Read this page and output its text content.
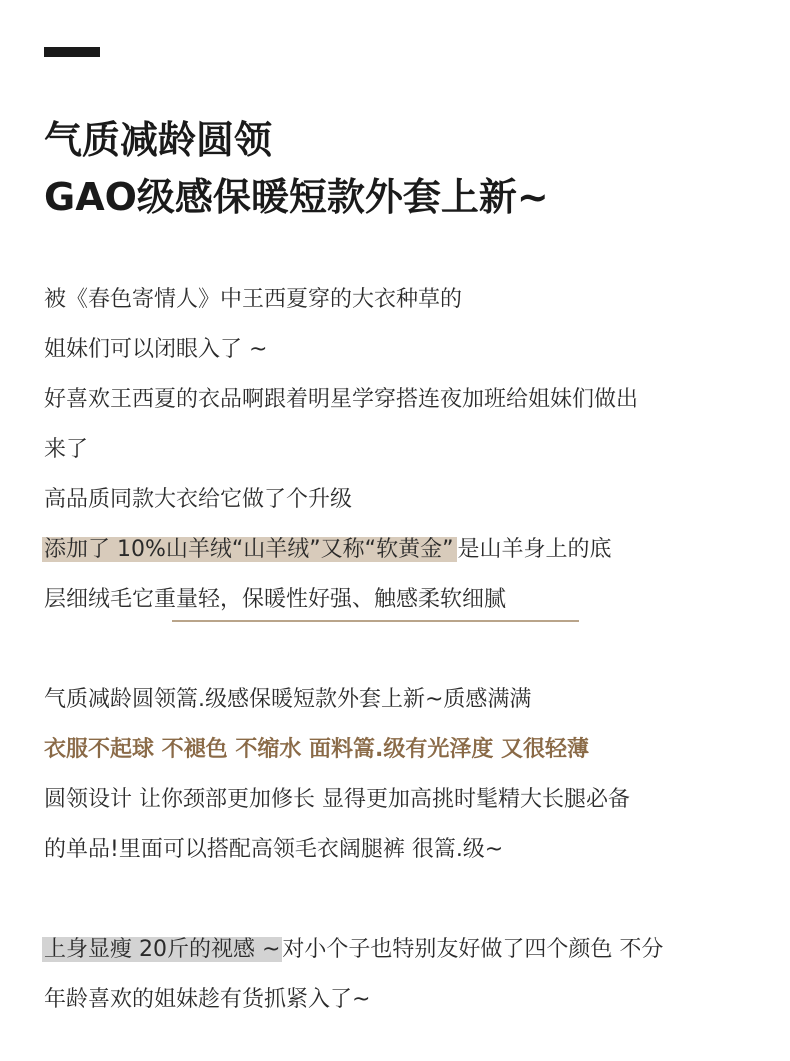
气质减龄圆领
GAO级感保暖短款外套上新~
被《春色寄情人》中王西夏穿的大衣种草的
姐妹们可以闭眼入了 ~
好喜欢王西夏的衣品啊跟着明星学穿搭连夜加班给姐妹们做出
来了
高品质同款大衣给它做了个升级
添加了 10%山羊绒“山羊绒”又称“软黄金” 是山羊身上的底
层细绒毛它重量轻，保暖性好强、触感柔软细腻
气质减龄圆领篙.级感保暖短款外套上新~质感满满
衣服不起球 不褪色 不缩水 面料篙.级有光泽度 又很轻薄
圆领设计 让你颈部更加修长 显得更加高挑时髦精大长腿必备
的单品!里面可以搭配高领毛衣阔腿裤 很篙.级~
上身显瘦 20斤的视感 ~对小个子也特别友好做了四个颜色 不分
年龄喜欢的姐妹趁有货抓紧入了~
